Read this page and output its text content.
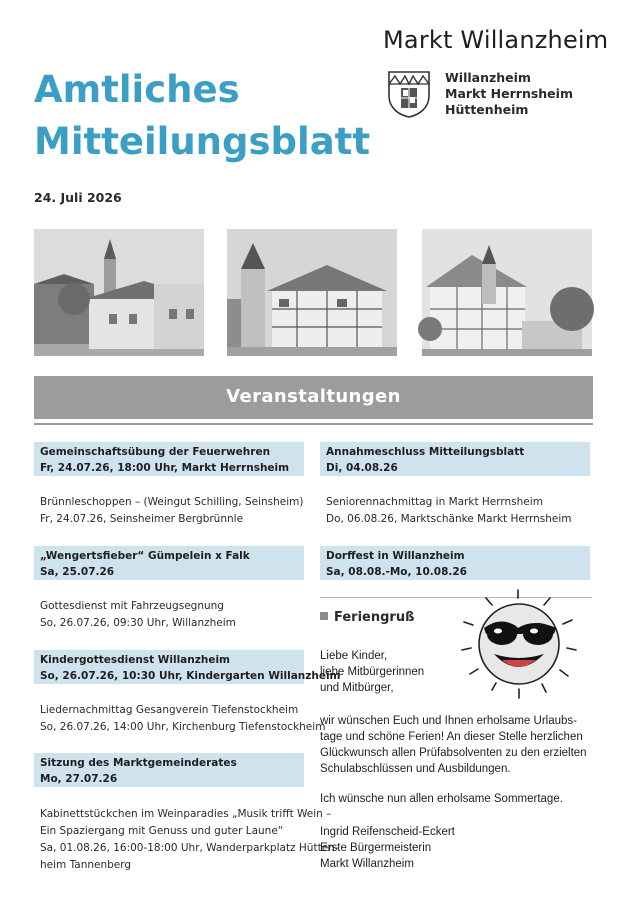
Markt Willanzheim
Amtliches
Mitteilungsblatt
Willanzheim
Markt Herrnsheim
Hüttenheim
24. Juli 2026
Veranstaltungen
Gemeinschaftsübung der Feuerwehren
Fr, 24.07.26, 18:00 Uhr, Markt Herrnsheim
Brünnleschoppen – (Weingut Schilling, Seinsheim)
Fr, 24.07.26, Seinsheimer Bergbrünnle
„Wengertsfieber“ Gümpelein x Falk
Sa, 25.07.26
Gottesdienst mit Fahrzeugsegnung
So, 26.07.26, 09:30 Uhr, Willanzheim
Kindergottesdienst Willanzheim
So, 26.07.26, 10:30 Uhr, Kindergarten Willanzheim
Liedernachmittag Gesangverein Tiefenstockheim
So, 26.07.26, 14:00 Uhr, Kirchenburg Tiefenstockheim
Sitzung des Marktgemeinderates
Mo, 27.07.26
Kabinettstückchen im Weinparadies „Musik trifft Wein –
Ein Spaziergang mit Genuss und guter Laune“
Sa, 01.08.26, 16:00-18:00 Uhr, Wanderparkplatz Hütten-
heim Tannenberg
Annahmeschluss Mitteilungsblatt
Di, 04.08.26
Seniorennachmittag in Markt Herrnsheim
Do, 06.08.26, Marktschänke Markt Herrnsheim
Dorffest in Willanzheim
Sa, 08.08.-Mo, 10.08.26
Feriengruß
Liebe Kinder,
liebe Mitbürgerinnen
und Mitbürger,
wir wünschen Euch und Ihnen erholsame Urlaubs-
tage und schöne Ferien! An dieser Stelle herzlichen
Glückwunsch allen Prüfabsolventen zu den erzielten
Schulabschlüssen und Ausbildungen.
Ich wünsche nun allen erholsame Sommertage.
Ingrid Reifenscheid-Eckert
Erste Bürgermeisterin
Markt Willanzheim
